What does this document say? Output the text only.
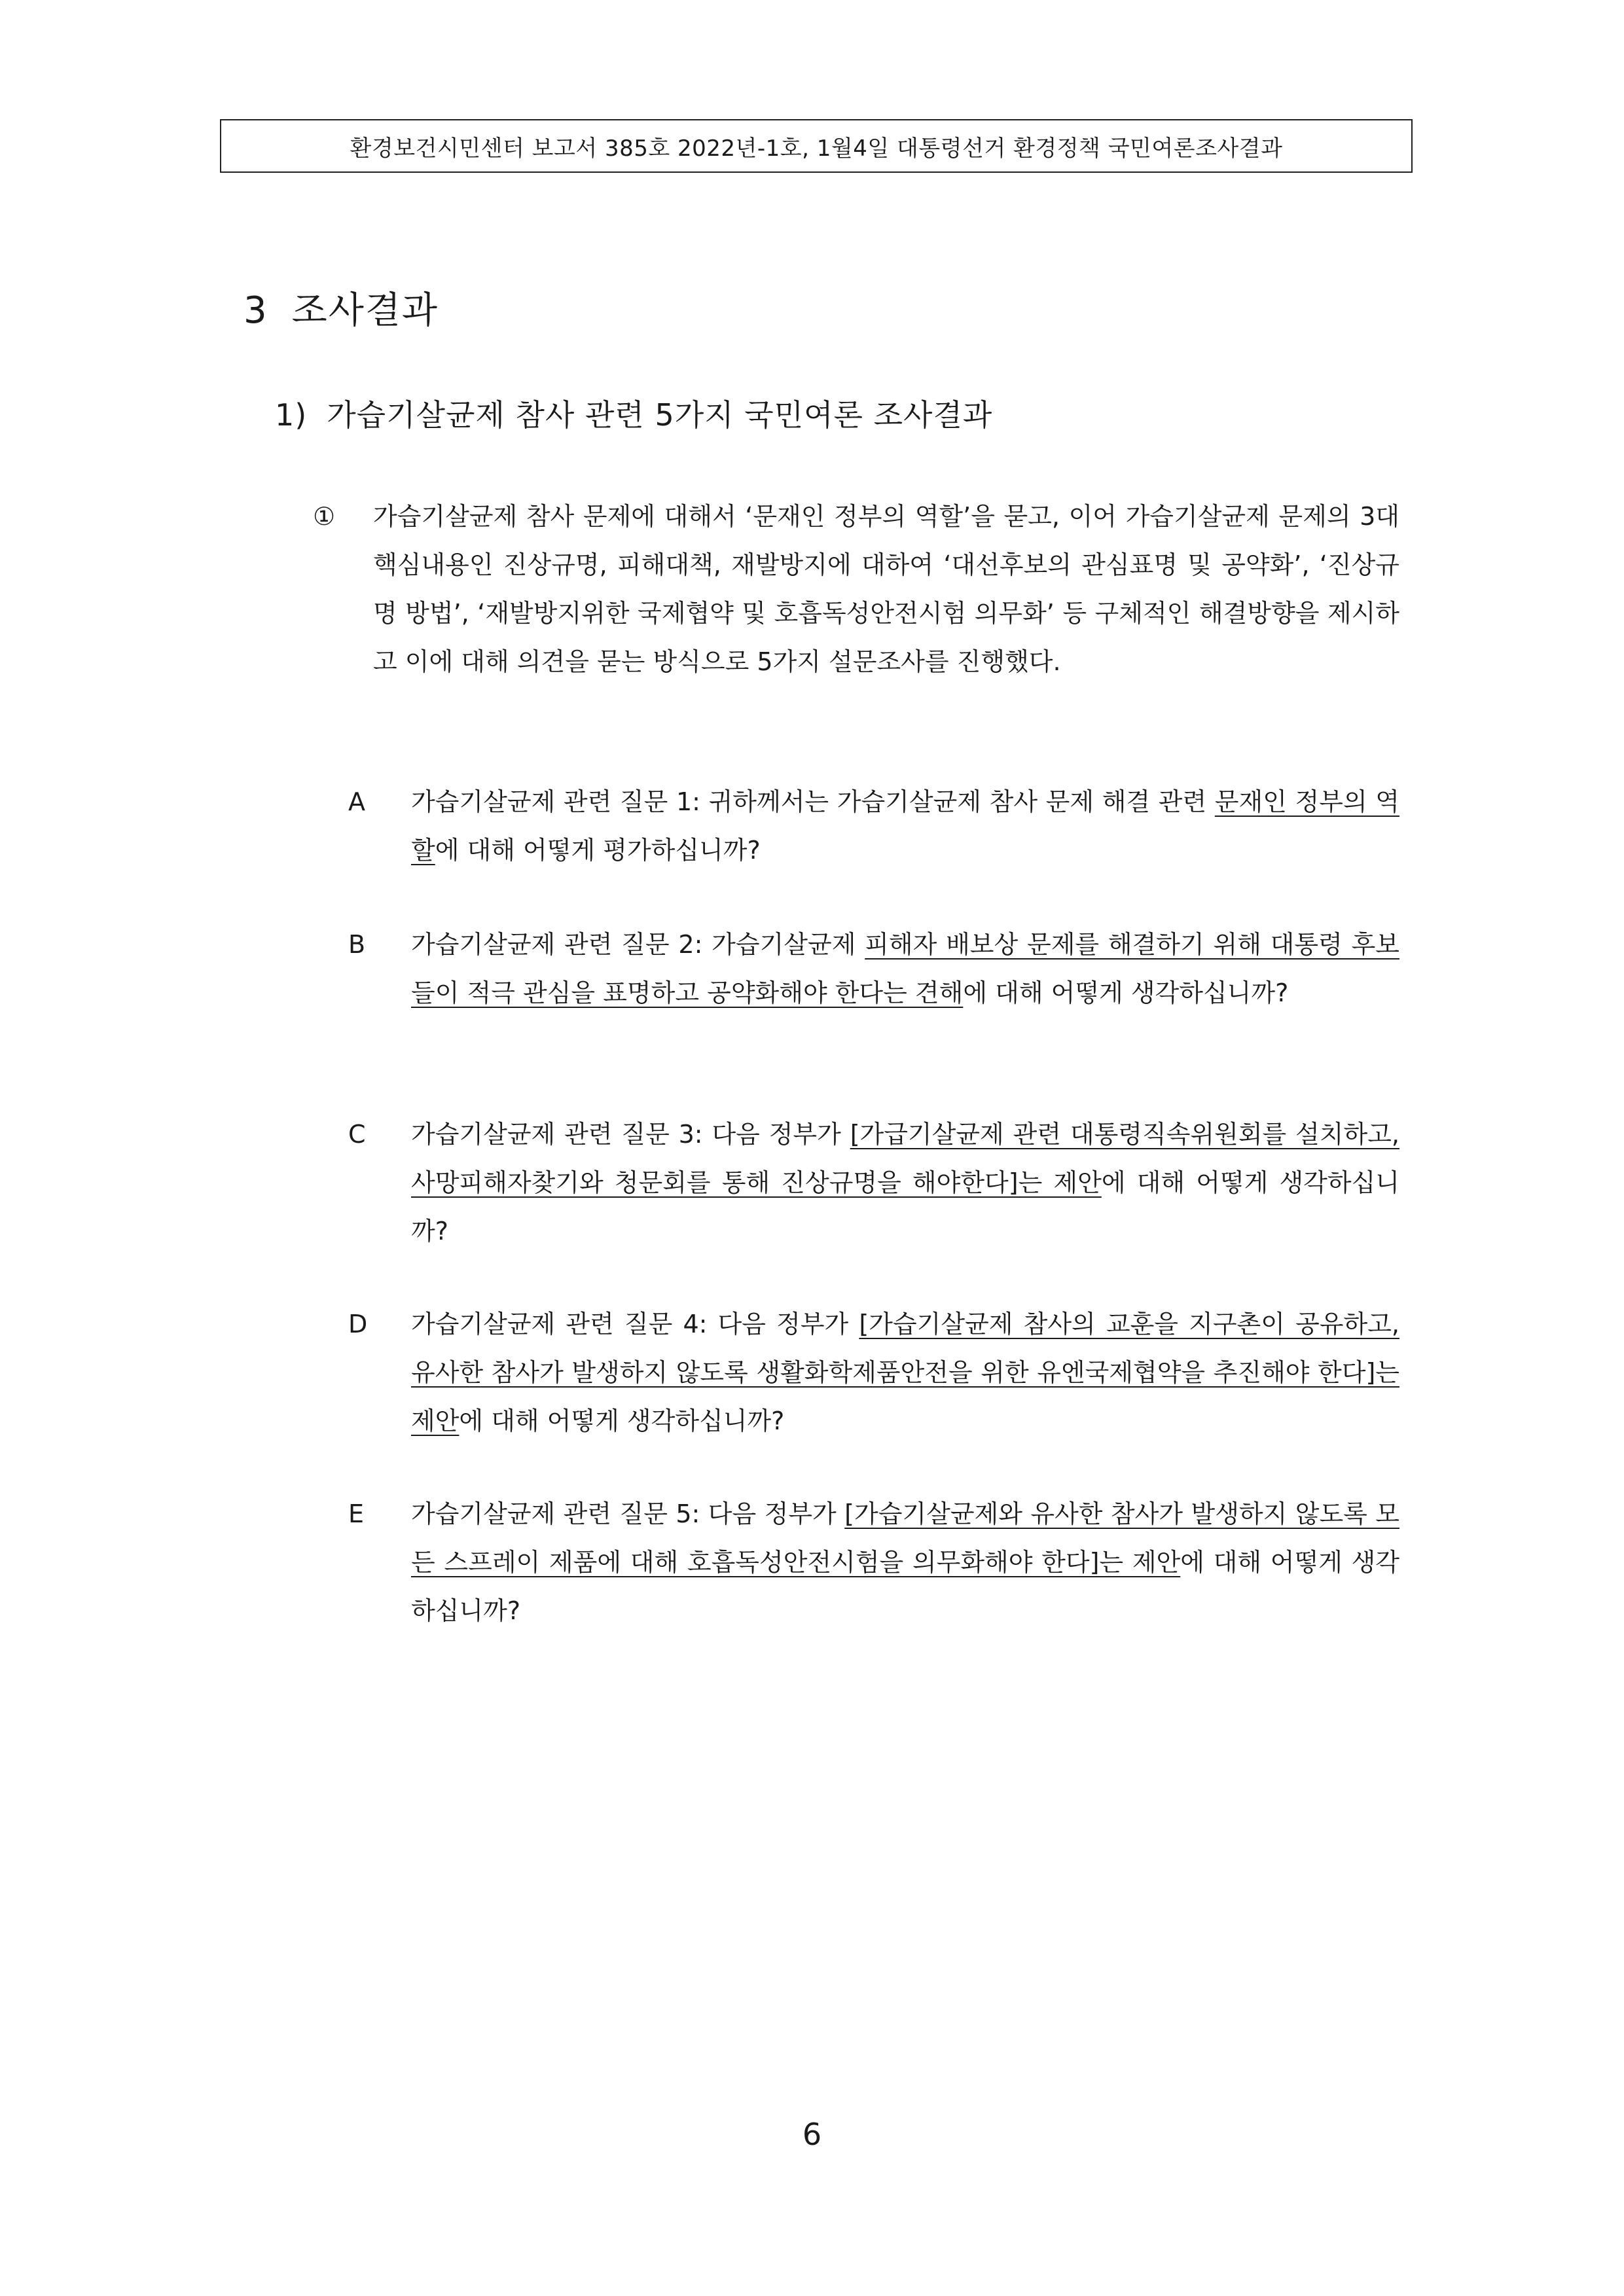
환경보건시민센터 보고서 385호 2022년-1호, 1월4일 대통령선거 환경정책 국민여론조사결과
3 조사결과
1) 가습기살균제 참사 관련 5가지 국민여론 조사결과
① 가습기살균제 참사 문제에 대해서 ‘문재인 정부의 역할’을 묻고, 이어 가습기살균제 문제의 3대 핵심내용인 진상규명, 피해대책, 재발방지에 대하여 ‘대선후보의 관심표명 및 공약화’, ‘진상규명 방법’, ‘재발방지위한 국제협약 및 호흡독성안전시험 의무화’ 등 구체적인 해결방향을 제시하고 이에 대해 의견을 묻는 방식으로 5가지 설문조사를 진행했다.
A 가습기살균제 관련 질문 1: 귀하께서는 가습기살균제 참사 문제 해결 관련 문재인 정부의 역할에 대해 어떻게 평가하십니까?
B 가습기살균제 관련 질문 2: 가습기살균제 피해자 배보상 문제를 해결하기 위해 대통령 후보들이 적극 관심을 표명하고 공약화해야 한다는 견해에 대해 어떻게 생각하십니까?
C 가습기살균제 관련 질문 3: 다음 정부가 [가급기살균제 관련 대통령직속위원회를 설치하고, 사망피해자찾기와 청문회를 통해 진상규명을 해야한다]는 제안에 대해 어떻게 생각하십니까?
D 가습기살균제 관련 질문 4: 다음 정부가 [가습기살균제 참사의 교훈을 지구촌이 공유하고, 유사한 참사가 발생하지 않도록 생활화학제품안전을 위한 유엔국제협약을 추진해야 한다]는 제안에 대해 어떻게 생각하십니까?
E 가습기살균제 관련 질문 5: 다음 정부가 [가습기살균제와 유사한 참사가 발생하지 않도록 모든 스프레이 제품에 대해 호흡독성안전시험을 의무화해야 한다]는 제안에 대해 어떻게 생각하십니까?
6
